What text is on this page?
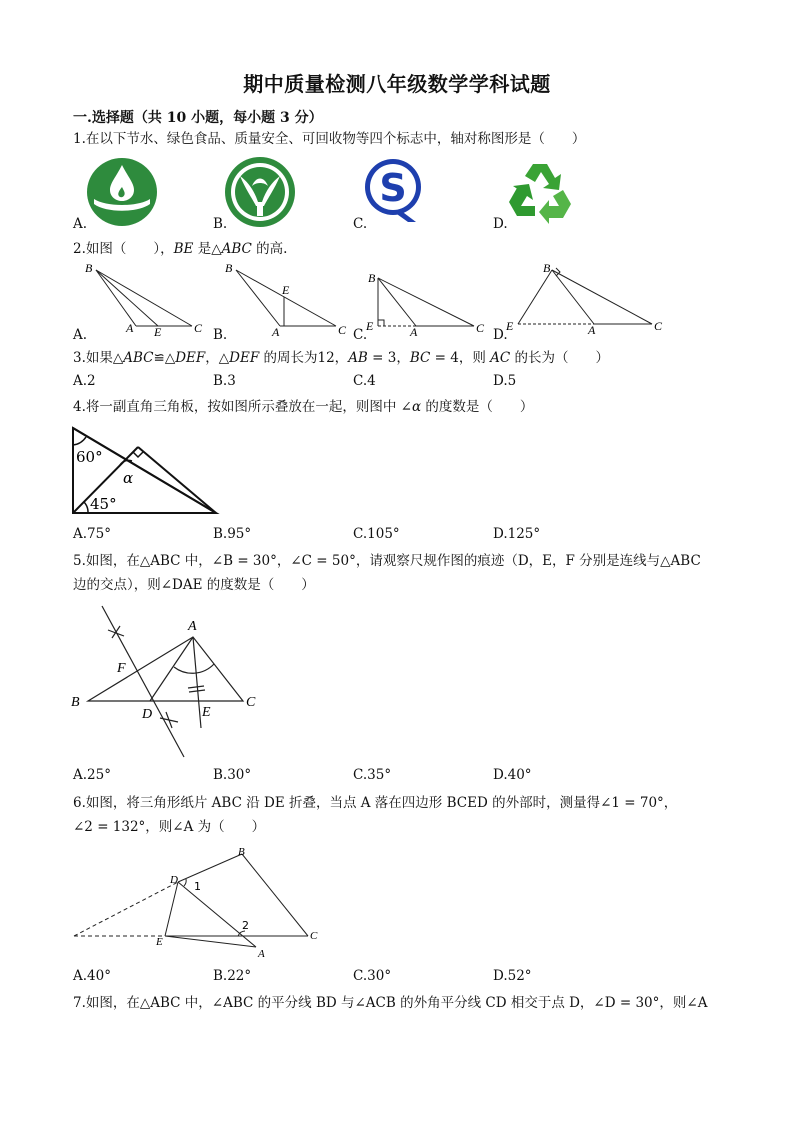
期中质量检测八年级数学学科试题
一.选择题（共 10 小题，每小题 3 分）
1.在以下节水、绿色食品、质量安全、可回收物等四个标志中，轴对称图形是（　　）
S
A.	B.	C.	D.
2.如图（　　），BE 是△ABC 的高.
B
A E	C
B
A
E
C
B
A
E	C
B
A
E	C
A.	B.	C.	D.
3.如果△ABC≌△DEF，△DEF 的周长为12，AB = 3，BC = 4，则 AC 的长为（　　）
A.2	B.3	C.4	D.5
4.将一副直角三角板，按如图所示叠放在一起，则图中 ∠α 的度数是（　　）
60°
45°
α
A.75°	B.95°	C.105°	D.125°
5.如图，在△ABC 中，∠B = 30°，∠C = 50°，请观察尺规作图的痕迹（D，E，F 分别是连线与△ABC
边的交点），则∠DAE 的度数是（　　）
A
B	C
D	E
F
A.25°	B.30°	C.35°	D.40°
6.如图，将三角形纸片 ABC 沿 DE 折叠，当点 A 落在四边形 BCED 的外部时，测量得∠1 = 70°，
∠2 = 132°，则∠A 为（　　）
B
C
D
E
A
1
2
A.40°	B.22°	C.30°	D.52°
7.如图，在△ABC 中，∠ABC 的平分线 BD 与∠ACB 的外角平分线 CD 相交于点 D，∠D = 30°，则∠A
